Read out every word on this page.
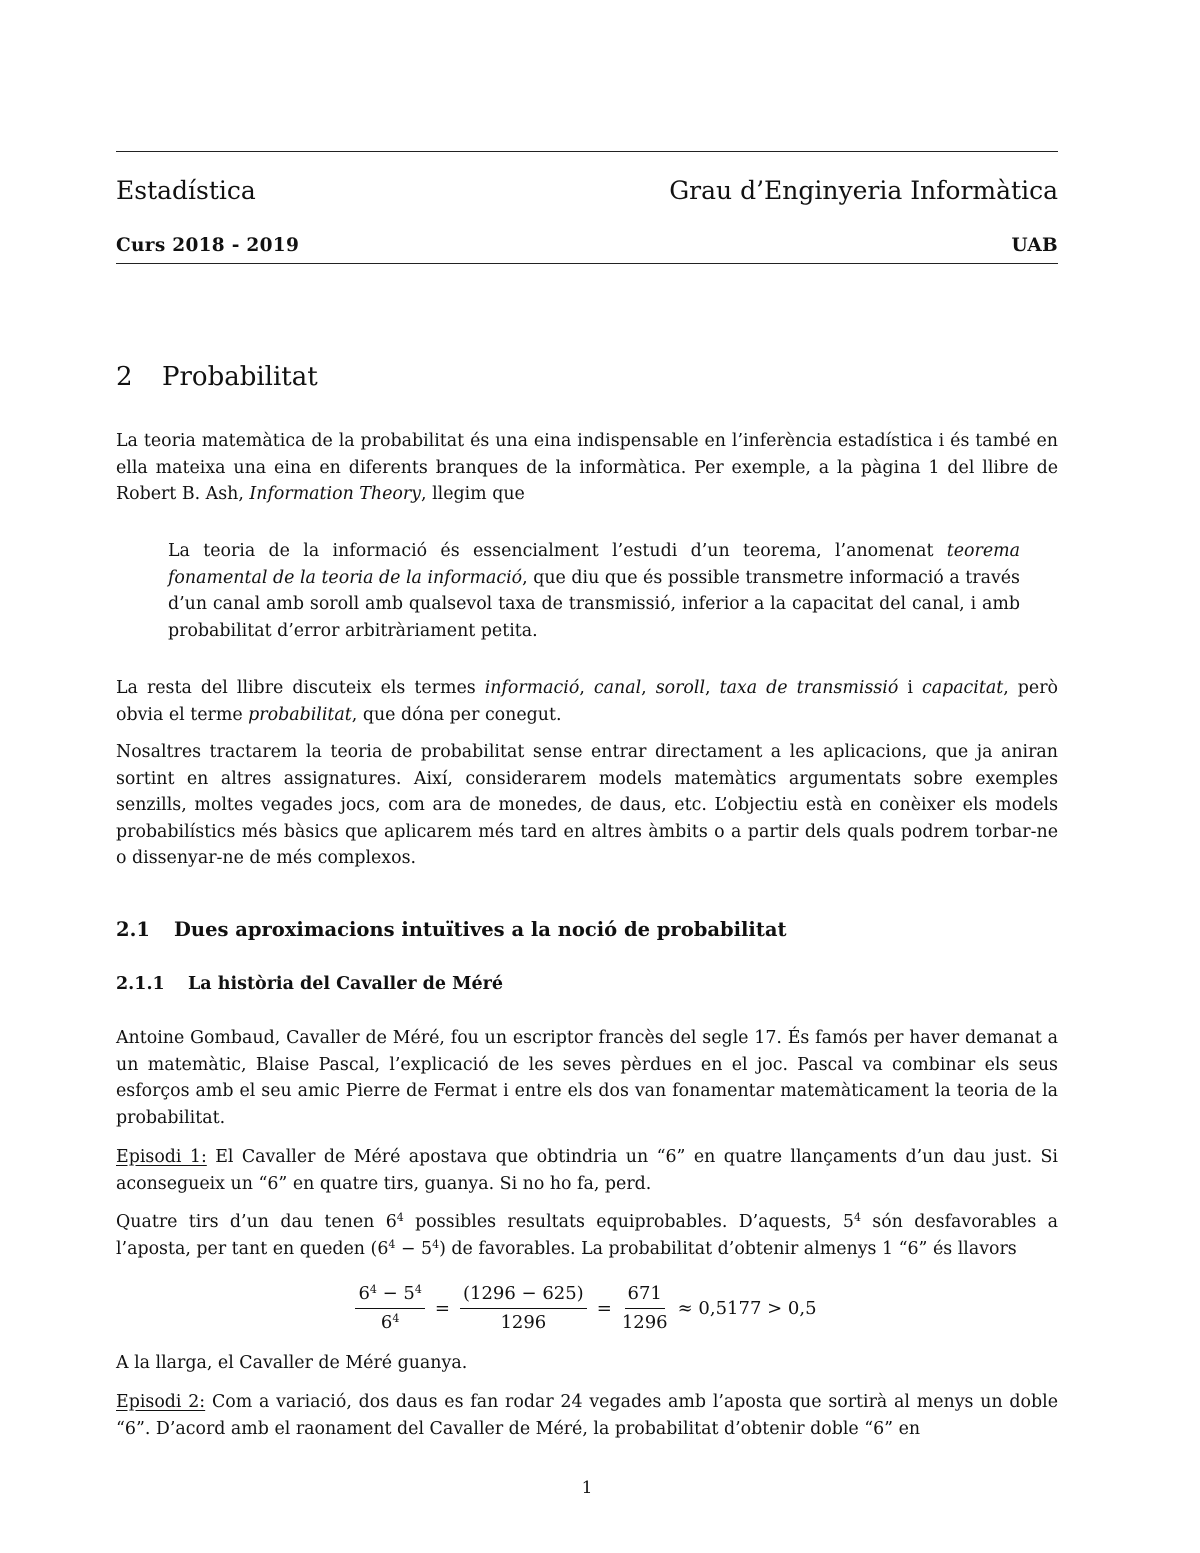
Estadística	Grau d’Enginyeria Informàtica
Curs 2018 - 2019	UAB
2 Probabilitat

La teoria matemàtica de la probabilitat és una eina indispensable en l’inferència estadística i és també en ella mateixa una eina en diferents branques de la informàtica. Per exemple, a la pàgina 1 del llibre de Robert B. Ash, Information Theory, llegim que

La teoria de la informació és essencialment l’estudi d’un teorema, l’anomenat teorema fonamental de la teoria de la informació, que diu que és possible transmetre informació a través d’un canal amb soroll amb qualsevol taxa de transmissió, inferior a la capacitat del canal, i amb probabilitat d’error arbitràriament petita.

La resta del llibre discuteix els termes informació, canal, soroll, taxa de transmissió i capacitat, però obvia el terme probabilitat, que dóna per conegut.

Nosaltres tractarem la teoria de probabilitat sense entrar directament a les aplicacions, que ja aniran sortint en altres assignatures. Així, considerarem models matemàtics argumentats sobre exemples senzills, moltes vegades jocs, com ara de monedes, de daus, etc. L’objectiu està en conèixer els models probabilístics més bàsics que aplicarem més tard en altres àmbits o a partir dels quals podrem torbar-ne o dissenyar-ne de més complexos.

2.1 Dues aproximacions intuïtives a la noció de probabilitat
2.1.1 La història del Cavaller de Méré

Antoine Gombaud, Cavaller de Méré, fou un escriptor francès del segle 17. És famós per haver demanat a un matemàtic, Blaise Pascal, l’explicació de les seves pèrdues en el joc. Pascal va combinar els seus esforços amb el seu amic Pierre de Fermat i entre els dos van fonamentar matemàticament la teoria de la probabilitat.

Episodi 1: El Cavaller de Méré apostava que obtindria un “6” en quatre llançaments d’un dau just. Si aconsegueix un “6” en quatre tirs, guanya. Si no ho fa, perd.

Quatre tirs d’un dau tenen $6^4$ possibles resultats equiprobables. D’aquests, $5^4$ són desfavorables a l’aposta, per tant en queden $(6^4 - 5^4)$ de favorables. La probabilitat d’obtenir almenys 1 “6” és llavors

$\frac{6^4 - 5^4}{6^4} = \frac{(1296 - 625)}{1296} = \frac{671}{1296} \approx 0,5177 > 0,5$

A la llarga, el Cavaller de Méré guanya.

Episodi 2: Com a variació, dos daus es fan rodar 24 vegades amb l’aposta que sortirà al menys un doble “6”. D’acord amb el raonament del Cavaller de Méré, la probabilitat d’obtenir doble “6” en

1
